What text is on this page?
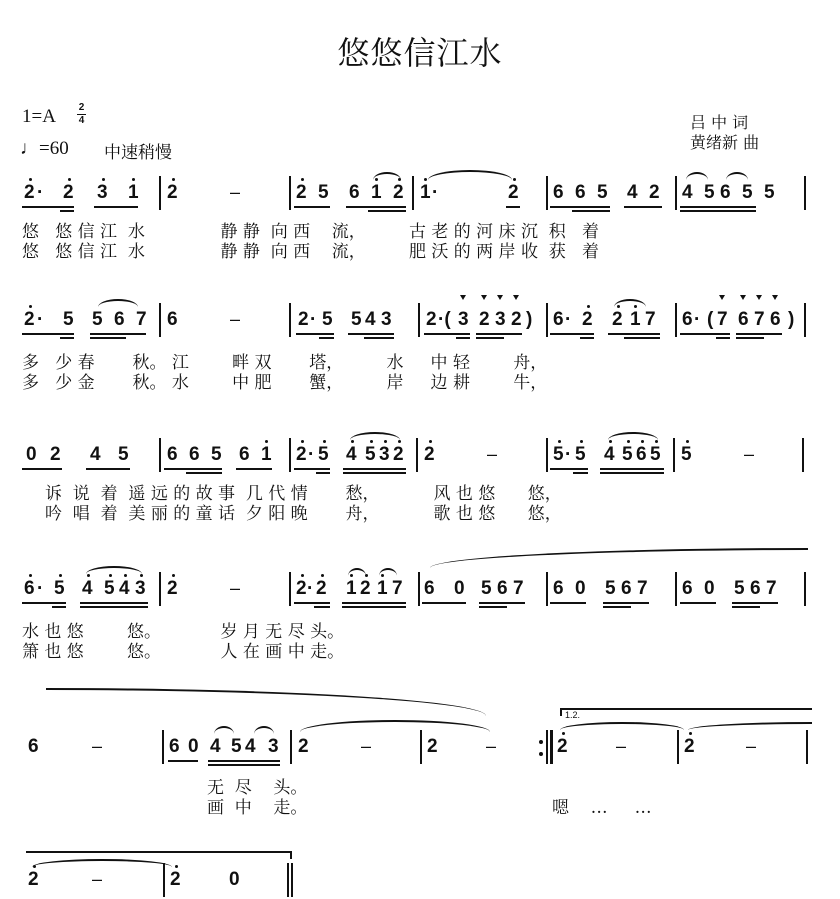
悠悠信江水
1=A 2
4
♩=60 中速稍慢
吕 中 词
黄绪新 曲
2 · 2 3 1 2	–	2 5 6 1 2 1 ·	2 6 6 5 4 2 4 5 6 5 5
悠   悠 信 江  水              静 静  向 西    流，        古 老 的 河 床 沉  积   着
悠   悠 信 江  水              静 静  向 西    流，        肥 沃 的 两 岸 收  获   着
2 · 5 5 6 7 6	–	2 · 5 5 4 3 2 ·( 3 2 3 2 ) 6 · 2 2 1 7 6 · ( 7 6 7 6 )
多   少 春       秋。 江        畔 双       塔，        水     中 轻        舟，
多   少 金       秋。 水        中 肥       蟹，        岸     边 耕        牛，
0 2 4 5 6 6 5 6 1 2 · 5 4 5 3 2 2	–	5 · 5 4 5 6 5 5	–
诉  说  着  遥 远 的 故 事  几 代 情       愁，          风 也 悠      悠，
吟  唱  着  美 丽 的 童 话  夕 阳 晚       舟，          歌 也 悠      悠，
6 · 5 4 5 4 3 2	–	2 · 2 1 2 1 7 6 0 5 6 7 6 0 5 6 7 6 0 5 6 7
水 也 悠        悠。           岁 月 无 尽 头。
箫 也 悠        悠。           人 在 画 中 走。
6	–	6 0 4 5 4 3 2	–	2	–	2	–	2	–
1.2.
无  尽    头。
画  中    走。	嗯    …     …
2	–	2	0
